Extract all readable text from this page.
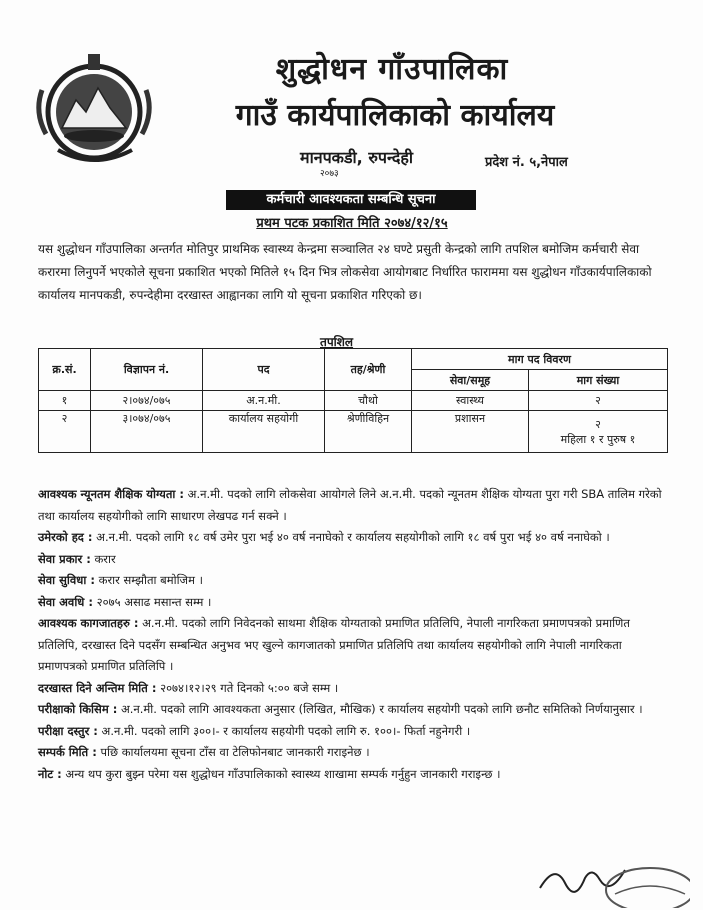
शुद्धोधन गाँउपालिका
गाउँ कार्यपालिकाको कार्यालय
मानपकडी, रुपन्देही	प्रदेश नं. ५,नेपाल
२०७३
कर्मचारी आवश्यकता सम्बन्धि सूचना
प्रथम पटक प्रकाशित मिति २०७४/१२/१५
यस शुद्धोधन गाँउपालिका अन्तर्गत मोतिपुर प्राथमिक स्वास्थ्य केन्द्रमा सञ्चालित २४ घण्टे प्रसुती केन्द्रको लागि तपशिल बमोजिम कर्मचारी सेवा करारमा लिनुपर्ने भएकोले सूचना प्रकाशित भएको मितिले १५ दिन भित्र लोकसेवा आयोगबाट निर्धारित फाराममा यस शुद्धोधन गाँउकार्यपालिकाको कार्यालय मानपकडी, रुपन्देहीमा दरखास्त आह्वानका लागि यो सूचना प्रकाशित गरिएको छ।
तपशिल
क्र.सं.	विज्ञापन नं.	पद	तह/श्रेणी	माग पद विवरण	
				सेवा/समूह	माग संख्या
१	२।०७४/०७५	अ.न.मी.	चौथो	स्वास्थ्य	२
२	३।०७४/०७५	कार्यालय सहयोगी	श्रेणीविहिन	प्रशासन	२
महिला १ र पुरुष १

आवश्यक न्यूनतम शैक्षिक योग्यता : अ.न.मी. पदको लागि लोकसेवा आयोगले लिने अ.न.मी. पदको न्यूनतम शैक्षिक योग्यता पुरा गरी SBA तालिम गरेको तथा कार्यालय सहयोगीको लागि साधारण लेखपढ गर्न सक्ने ।

उमेरको हद : अ.न.मी. पदको लागि १८ वर्ष उमेर पुरा भई ४० वर्ष ननाघेको र कार्यालय सहयोगीको लागि १८ वर्ष पुरा भई ४० वर्ष ननाघेको ।

सेवा प्रकार : करार

सेवा सुविधा : करार सम्झौता बमोजिम ।

सेवा अवधि : २०७५ असाढ मसान्त सम्म ।

आवश्यक कागजातहरु : अ.न.मी. पदको लागि निवेदनको साथमा शैक्षिक योग्यताको प्रमाणित प्रतिलिपि, नेपाली नागरिकता प्रमाणपत्रको प्रमाणित प्रतिलिपि, दरखास्त दिने पदसँग सम्बन्धित अनुभव भए खुल्ने कागजातको प्रमाणित प्रतिलिपि तथा कार्यालय सहयोगीको लागि नेपाली नागरिकता प्रमाणपत्रको प्रमाणित प्रतिलिपि ।

दरखास्त दिने अन्तिम मिति : २०७४।१२।२९ गते दिनको ५:०० बजे सम्म ।

परीक्षाको किसिम : अ.न.मी. पदको लागि आवश्यकता अनुसार (लिखित, मौखिक) र कार्यालय सहयोगी पदको लागि छनौट समितिको निर्णयानुसार ।

परीक्षा दस्तुर : अ.न.मी. पदको लागि ३००।- र कार्यालय सहयोगी पदको लागि रु. १००।- फिर्ता नहुनेगरी ।

सम्पर्क मिति : पछि कार्यालयमा सूचना टाँस वा टेलिफोनबाट जानकारी गराइनेछ ।

नोट : अन्य थप कुरा बुझ्न परेमा यस शुद्धोधन गाँउपालिकाको स्वास्थ्य शाखामा सम्पर्क गर्नुहुन जानकारी गराइन्छ ।
